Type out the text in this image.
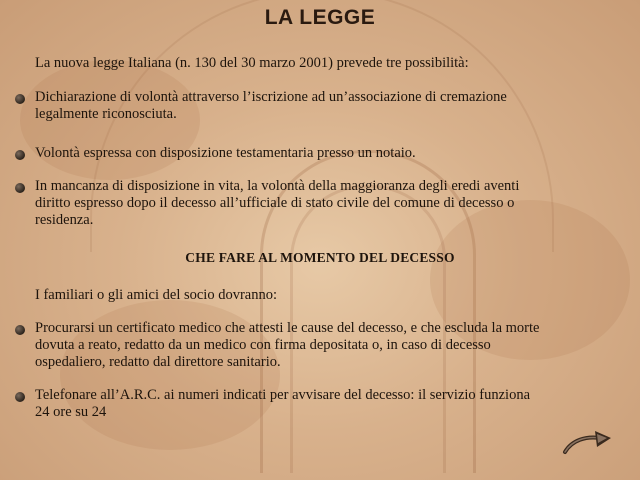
LA LEGGE

La nuova legge Italiana (n. 130 del 30 marzo 2001) prevede tre possibilità:

Dichiarazione di volontà attraverso l’iscrizione ad un’associazione di cremazione

legalmente riconosciuta.

Volontà espressa con disposizione testamentaria presso un notaio.

In mancanza di disposizione in vita, la volontà della maggioranza degli eredi aventi

diritto espresso dopo il decesso all’ufficiale di stato civile del comune di decesso o

residenza.

CHE FARE AL MOMENTO DEL DECESSO

I familiari o gli amici del socio dovranno:

Procurarsi un certificato medico che attesti le cause del decesso, e che escluda la morte

dovuta a reato, redatto da un medico con firma depositata o, in caso di decesso

ospedaliero, redatto dal direttore sanitario.

Telefonare all’A.R.C. ai numeri indicati per avvisare del decesso: il servizio funziona

24 ore su 24
